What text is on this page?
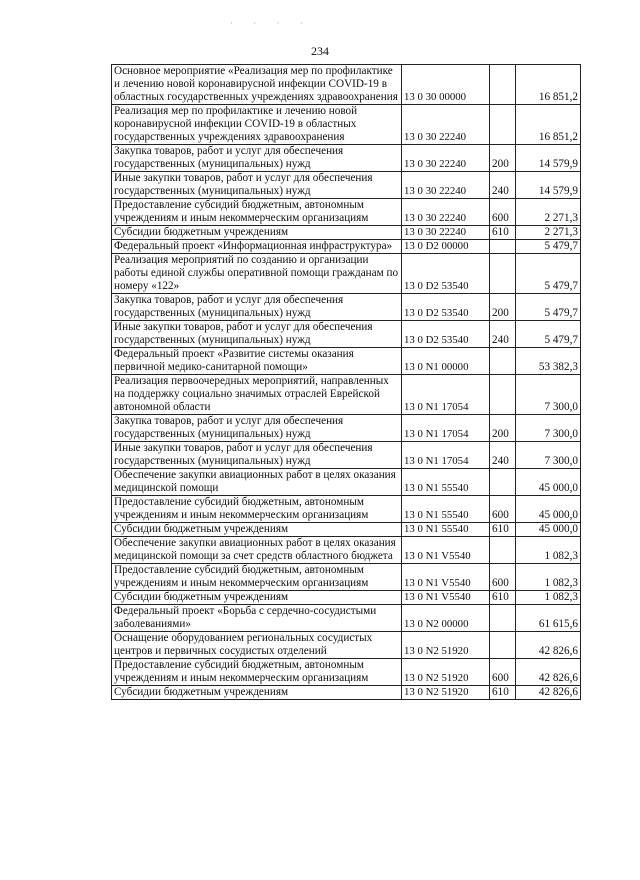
· · · ·
234
Основное мероприятие «Реализация мер по профилактике и лечению новой коронавирусной инфекции COVID-19 в областных государственных учреждениях здравоохранения	13 0 30 00000		16 851,2
Реализация мер по профилактике и лечению новой коронавирусной инфекции COVID-19 в областных государственных учреждениях здравоохранения	13 0 30 22240		16 851,2
Закупка товаров, работ и услуг для обеспечения государственных (муниципальных) нужд	13 0 30 22240	200	14 579,9
Иные закупки товаров, работ и услуг для обеспечения государственных (муниципальных) нужд	13 0 30 22240	240	14 579,9
Предоставление субсидий бюджетным, автономным учреждениям и иным некоммерческим организациям	13 0 30 22240	600	2 271,3
Субсидии бюджетным учреждениям	13 0 30 22240	610	2 271,3
Федеральный проект «Информационная инфраструктура»	13 0 D2 00000		5 479,7
Реализация мероприятий по созданию и организации работы единой службы оперативной помощи гражданам по номеру «122»	13 0 D2 53540		5 479,7
Закупка товаров, работ и услуг для обеспечения государственных (муниципальных) нужд	13 0 D2 53540	200	5 479,7
Иные закупки товаров, работ и услуг для обеспечения государственных (муниципальных) нужд	13 0 D2 53540	240	5 479,7
Федеральный проект «Развитие системы оказания первичной медико-санитарной помощи»	13 0 N1 00000		53 382,3
Реализация первоочередных мероприятий, направленных на поддержку социально значимых отраслей Еврейской автономной области	13 0 N1 17054		7 300,0
Закупка товаров, работ и услуг для обеспечения государственных (муниципальных) нужд	13 0 N1 17054	200	7 300,0
Иные закупки товаров, работ и услуг для обеспечения государственных (муниципальных) нужд	13 0 N1 17054	240	7 300,0
Обеспечение закупки авиационных работ в целях оказания медицинской помощи	13 0 N1 55540		45 000,0
Предоставление субсидий бюджетным, автономным учреждениям и иным некоммерческим организациям	13 0 N1 55540	600	45 000,0
Субсидии бюджетным учреждениям	13 0 N1 55540	610	45 000,0
Обеспечение закупки авиационных работ в целях оказания медицинской помощи за счет средств областного бюджета	13 0 N1 V5540		1 082,3
Предоставление субсидий бюджетным, автономным учреждениям и иным некоммерческим организациям	13 0 N1 V5540	600	1 082,3
Субсидии бюджетным учреждениям	13 0 N1 V5540	610	1 082,3
Федеральный проект «Борьба с сердечно-сосудистыми заболеваниями»	13 0 N2 00000		61 615,6
Оснащение оборудованием региональных сосудистых центров и первичных сосудистых отделений	13 0 N2 51920		42 826,6
Предоставление субсидий бюджетным, автономным учреждениям и иным некоммерческим организациям	13 0 N2 51920	600	42 826,6
Субсидии бюджетным учреждениям	13 0 N2 51920	610	42 826,6
